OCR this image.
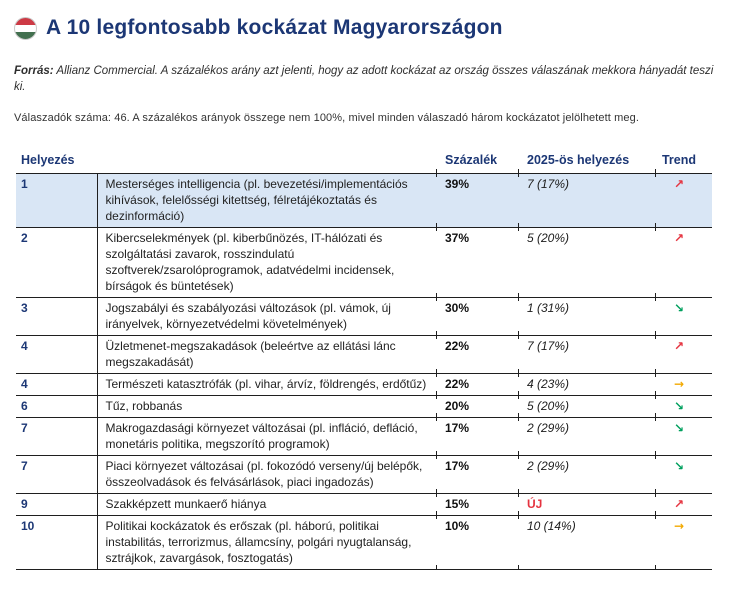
A 10 legfontosabb kockázat Magyarországon

Forrás: Allianz Commercial. A százalékos arány azt jelenti, hogy az adott kockázat az ország összes válaszának mekkora hányadát teszi ki.

Válaszadók száma: 46. A százalékos arányok összege nem 100%, mivel minden válaszadó három kockázatot jelölhetett meg.

Helyezés		Százalék	2025-ös helyezés	Trend
1	Mesterséges intelligencia (pl. bevezetési/implementációs kihívások, felelősségi kitettség, félretájékoztatás és dezinformáció)	39%	7 (17%)	↗
2	Kibercselekmények (pl. kiberbűnözés, IT-hálózati és szolgáltatási zavarok, rosszindulatú szoftverek/zsarolóprogramok, adatvédelmi incidensek, bírságok és büntetések)	37%	5 (20%)	↗
3	Jogszabályi és szabályozási változások (pl. vámok, új irányelvek, környezetvédelmi követelmények)	30%	1 (31%)	↘
4	Üzletmenet-megszakadások (beleértve az ellátási lánc megszakadását)	22%	7 (17%)	↗
4	Természeti katasztrófák (pl. vihar, árvíz, földrengés, erdőtűz)	22%	4 (23%)	→
6	Tűz, robbanás	20%	5 (20%)	↘
7	Makrogazdasági környezet változásai (pl. infláció, defláció, monetáris politika, megszorító programok)	17%	2 (29%)	↘
7	Piaci környezet változásai (pl. fokozódó verseny/új belépők, összeolvadások és felvásárlások, piaci ingadozás)	17%	2 (29%)	↘
9	Szakképzett munkaerő hiánya	15%	ÚJ	↗
10	Politikai kockázatok és erőszak (pl. háború, politikai instabilitás, terrorizmus, államcsíny, polgári nyugtalanság, sztrájkok, zavargások, fosztogatás)	10%	10 (14%)	→
